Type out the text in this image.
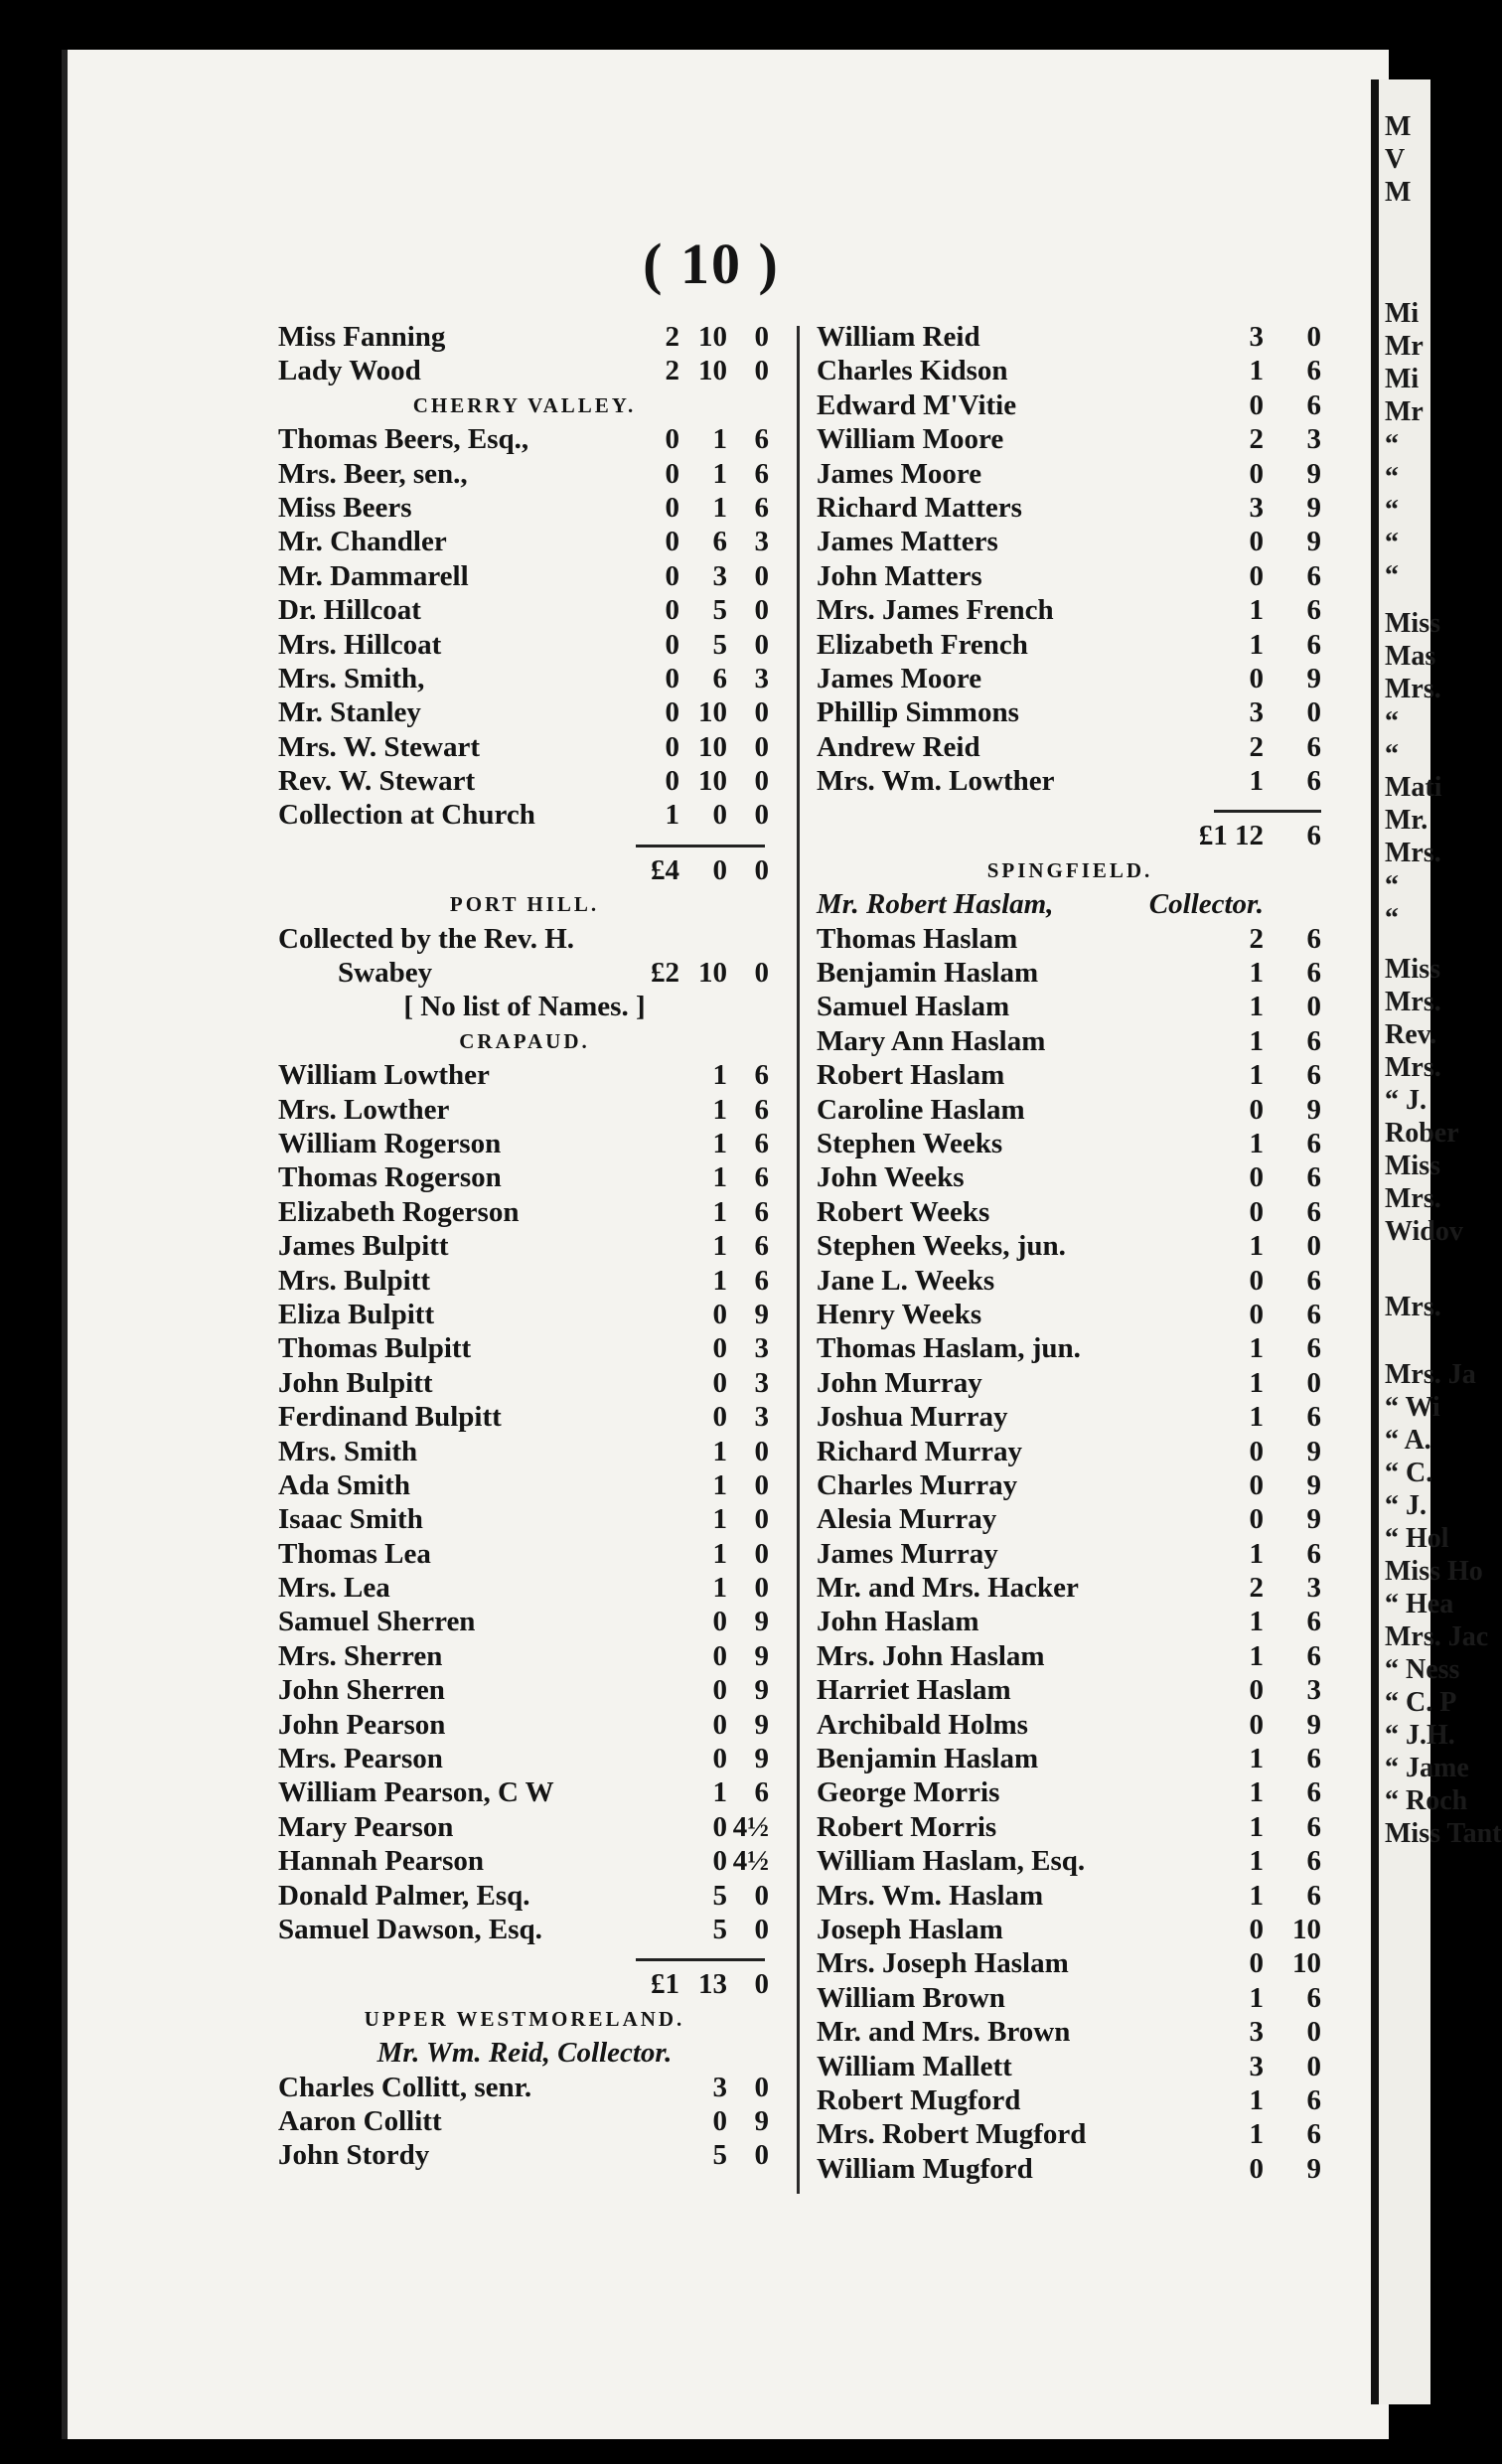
M
V
M
Mi
Mr
Mi
Mr
“
“
“
“
“
Miss
Mas
Mrs.
“
“
Mati
Mr.
Mrs.
“
“
Miss
Mrs.
Rev.
Mrs.
“ J.
Rober
Miss
Mrs.
Widov
Mrs.
Mrs. Ja
“ Wi
“ A.
“ C.
“ J.
“ Hol
Miss Ho
“ Hea
Mrs. Jac
“ Ness
“ C. P
“ J.H.
“ Jame
“ Roch
Miss Tant
( 10 )
Miss Fanning	2 10 0
Lady Wood	2 10 0
CHERRY VALLEY.
Thomas Beers, Esq.,	0 1 6
Mrs. Beer, sen.,	0 1 6
Miss Beers	0 1 6
Mr. Chandler	0 6 3
Mr. Dammarell	0 3 0
Dr. Hillcoat	0 5 0
Mrs. Hillcoat	0 5 0
Mrs. Smith,	0 6 3
Mr. Stanley	0 10 0
Mrs. W. Stewart	0 10 0
Rev. W. Stewart	0 10 0
Collection at Church	1 0 0
£4 0 0
PORT HILL.
Collected by the Rev. H.
Swabey	£2 10 0
[ No list of Names. ]
CRAPAUD.
William Lowther	1 6
Mrs. Lowther	1 6
William Rogerson	1 6
Thomas Rogerson	1 6
Elizabeth Rogerson	1 6
James Bulpitt	1 6
Mrs. Bulpitt	1 6
Eliza Bulpitt	0 9
Thomas Bulpitt	0 3
John Bulpitt	0 3
Ferdinand Bulpitt	0 3
Mrs. Smith	1 0
Ada Smith	1 0
Isaac Smith	1 0
Thomas Lea	1 0
Mrs. Lea	1 0
Samuel Sherren	0 9
Mrs. Sherren	0 9
John Sherren	0 9
John Pearson	0 9
Mrs. Pearson	0 9
William Pearson, C W	1 6
Mary Pearson	0 4½
Hannah Pearson	0 4½
Donald Palmer, Esq.	5 0
Samuel Dawson, Esq.	5 0
£1 13 0
UPPER WESTMORELAND.
Mr. Wm. Reid, Collector.
Charles Collitt, senr.	3 0
Aaron Collitt	0 9
John Stordy	5 0
William Reid	3 0
Charles Kidson	1 6
Edward M'Vitie	0 6
William Moore	2 3
James Moore	0 9
Richard Matters	3 9
James Matters	0 9
John Matters	0 6
Mrs. James French	1 6
Elizabeth French	1 6
James Moore	0 9
Phillip Simmons	3 0
Andrew Reid	2 6
Mrs. Wm. Lowther	1 6
£1 12 6
SPINGFIELD.
Mr. Robert Haslam,	Collector.
Thomas Haslam	2 6
Benjamin Haslam	1 6
Samuel Haslam	1 0
Mary Ann Haslam	1 6
Robert Haslam	1 6
Caroline Haslam	0 9
Stephen Weeks	1 6
John Weeks	0 6
Robert Weeks	0 6
Stephen Weeks, jun.	1 0
Jane L. Weeks	0 6
Henry Weeks	0 6
Thomas Haslam, jun.	1 6
John Murray	1 0
Joshua Murray	1 6
Richard Murray	0 9
Charles Murray	0 9
Alesia Murray	0 9
James Murray	1 6
Mr. and Mrs. Hacker	2 3
John Haslam	1 6
Mrs. John Haslam	1 6
Harriet Haslam	0 3
Archibald Holms	0 9
Benjamin Haslam	1 6
George Morris	1 6
Robert Morris	1 6
William Haslam, Esq.	1 6
Mrs. Wm. Haslam	1 6
Joseph Haslam	0 10
Mrs. Joseph Haslam	0 10
William Brown	1 6
Mr. and Mrs. Brown	3 0
William Mallett	3 0
Robert Mugford	1 6
Mrs. Robert Mugford	1 6
William Mugford	0 9
